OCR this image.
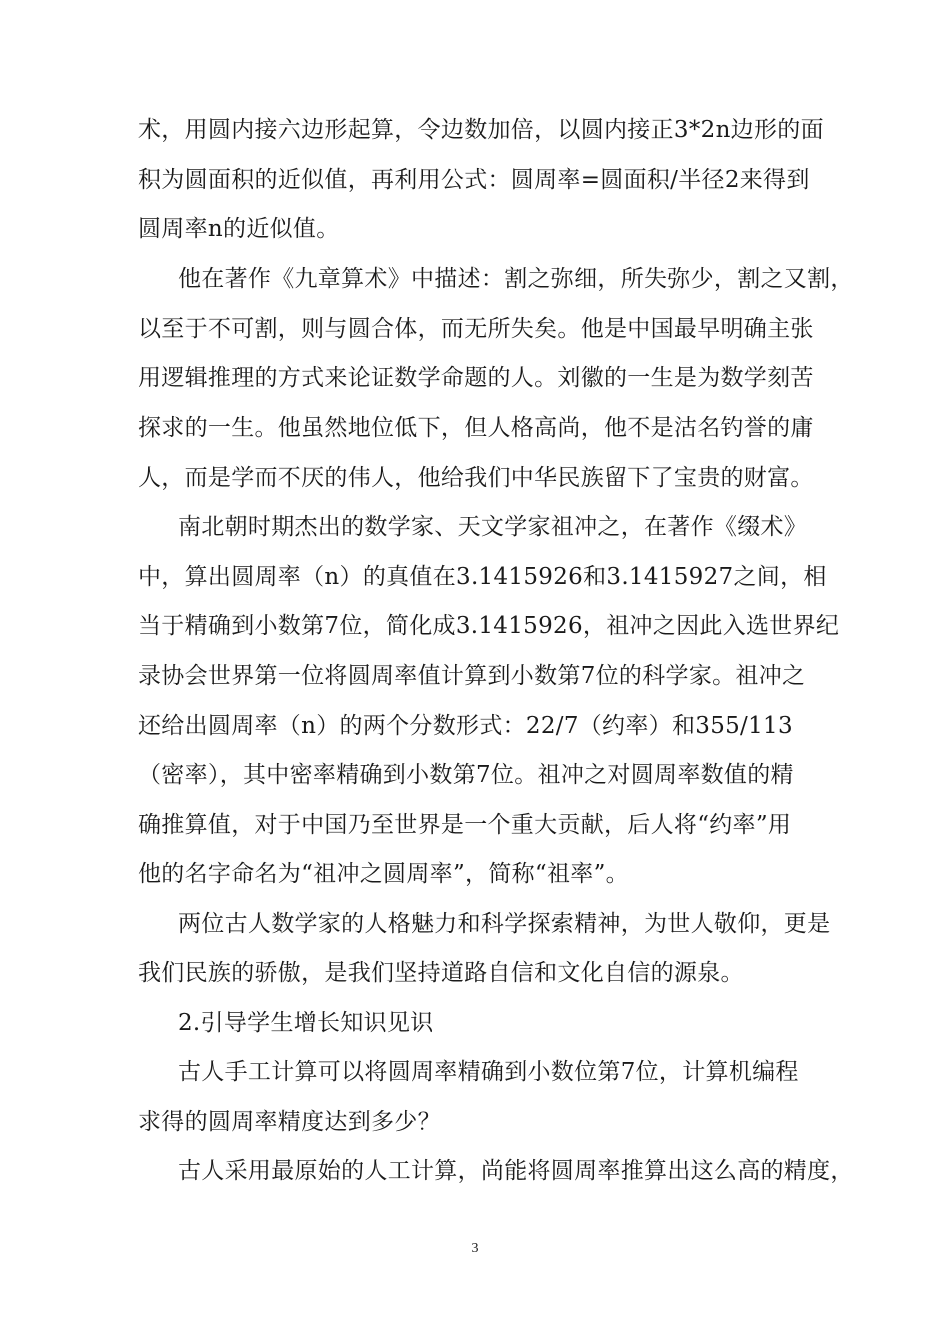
术，用圆内接六边形起算，令边数加倍，以圆内接正3*2n边形的面
积为圆面积的近似值，再利用公式：圆周率=圆面积/半径2来得到
圆周率n的近似值。
他在著作《九章算术》中描述：割之弥细，所失弥少，割之又割，
以至于不可割，则与圆合体，而无所失矣。他是中国最早明确主张
用逻辑推理的方式来论证数学命题的人。刘徽的一生是为数学刻苦
探求的一生。他虽然地位低下，但人格高尚，他不是沽名钓誉的庸
人，而是学而不厌的伟人，他给我们中华民族留下了宝贵的财富。
南北朝时期杰出的数学家、天文学家祖冲之，在著作《缀术》
中，算出圆周率（n）的真值在3.1415926和3.1415927之间，相
当于精确到小数第7位，简化成3.1415926，祖冲之因此入选世界纪
录协会世界第一位将圆周率值计算到小数第7位的科学家。祖冲之
还给出圆周率（n）的两个分数形式：22/7（约率）和355/113
（密率），其中密率精确到小数第7位。祖冲之对圆周率数值的精
确推算值，对于中国乃至世界是一个重大贡献，后人将“约率”用
他的名字命名为“祖冲之圆周率”，简称“祖率”。
两位古人数学家的人格魅力和科学探索精神，为世人敬仰，更是
我们民族的骄傲，是我们坚持道路自信和文化自信的源泉。
2.引导学生增长知识见识
古人手工计算可以将圆周率精确到小数位第7位，计算机编程
求得的圆周率精度达到多少？
古人采用最原始的人工计算，尚能将圆周率推算出这么高的精度，
3
